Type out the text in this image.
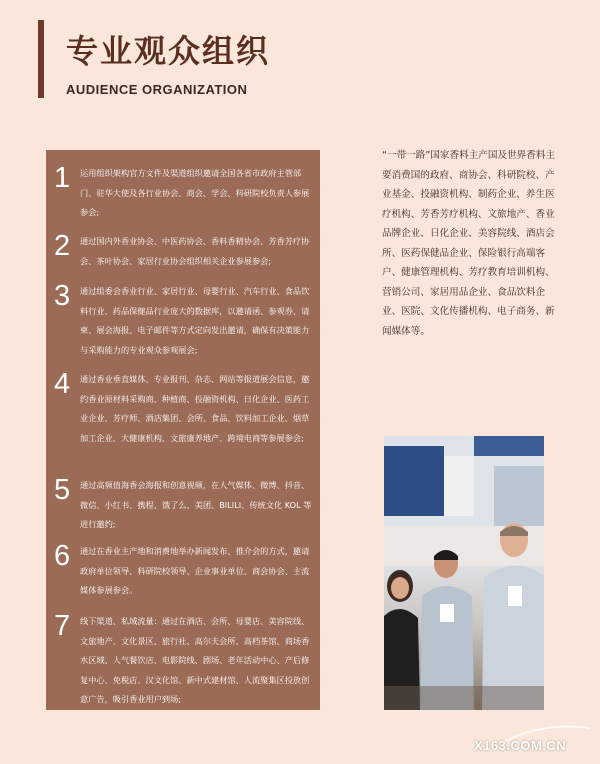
专业观众组织
AUDIENCE ORGANIZATION
1 运用组织架构官方文件及渠道组织邀请全国各省市政府主管部门、驻华大使及各行业协会、商会、学会、科研院校负责人参展参会;
2 通过国内外香业协会、中医药协会、香料香精协会、芳香芳疗协会、茶叶协会、家居行业协会组织相关企业参展参会;
3 通过组委会香业行业、家居行业、母婴行业、汽车行业、食品饮料行业、药品保健品行业庞大的数据库，以邀请函、参观券、请柬、展会海报、电子邮件等方式定向发出邀请，确保有决策能力与采购能力的专业观众参观展会;
4 通过香业垂直媒体、专业报刊、杂志、网站等报道展会信息，邀约香业原材料采购商、种植商、投融资机构、日化企业、医药工业企业、芳疗师、酒店集团、会所、食品、饮料加工企业、烟草加工企业、大健康机构、文旅康养地产、跨境电商等参展参会;
5 通过高频值海香会海报和创意视频，在人气媒体、微博、抖音、微信、小红书、携程、饿了么、美团、BILILI、传统文化 KOL 等进行邀约;
6 通过在香业主产地和消费地举办新闻发布、推介会的方式，邀请政府单位领导、科研院校领导、企业事业单位、商会协会、主流媒体参展参会。
7 线下渠道、私域流量：通过在酒店、会所、母婴店、美容院线、文旅地产、文化景区、旅行社、高尔夫会所、高档茶馆、商场香水区域、人气餐饮店、电影院线、剧场、老年活动中心、产后修复中心、免税店、汉文化馆、新中式建材馆、人流聚集区投放创意广告，吸引香业用户到场;
“一带一路”国家香料主产国及世界香料主要消费国的政府、商协会、科研院校、产业基金、投融资机构、制药企业、养生医疗机构、芳香芳疗机构、文旅地产、香业品牌企业、日化企业、美容院线、酒店会所、医药保健品企业、保险银行高端客户、健康管理机构、芳疗教育培训机构、营销公司、家居用品企业、食品饮料企业、医院、文化传播机构、电子商务、新闻媒体等。
X163.COM.CN
